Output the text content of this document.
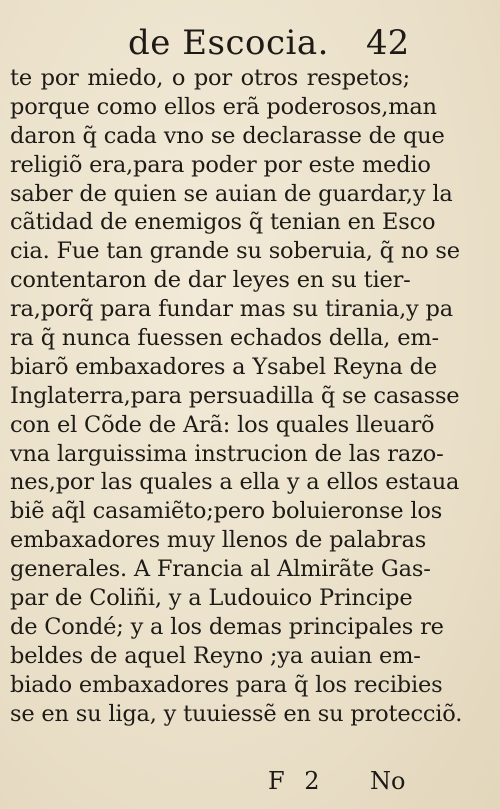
de Escocia. 42
te por miedo, o por otros respetos;
porque como ellos erã poderosos,man
daron q̃ cada vno se declarasse de que
religiõ era,para poder por este medio
saber de quien se auian de guardar,y la
cãtidad de enemigos q̃ tenian en Esco
cia. Fue tan grande su soberuia, q̃ no se
contentaron de dar leyes en su tier-
ra,porq̃ para fundar mas su tirania,y pa
ra q̃ nunca fuessen echados della, em-
biarõ embaxadores a Ysabel Reyna de
Inglaterra,para persuadilla q̃ se casasse
con el Cõde de Arã: los quales lleuarõ
vna larguissima instrucion de las razo-
nes,por las quales a ella y a ellos estaua
biẽ aq̃l casamiẽto;pero boluieronse los
embaxadores muy llenos de palabras
generales. A Francia al Almirãte Gas-
par de Coliñi, y a Ludouico Principe
de Condé; y a los demas principales re
beldes de aquel Reyno ;ya auian em-
biado embaxadores para q̃ los recibies
se en su liga, y tuuiessẽ en su protecciõ.
F 2 No
